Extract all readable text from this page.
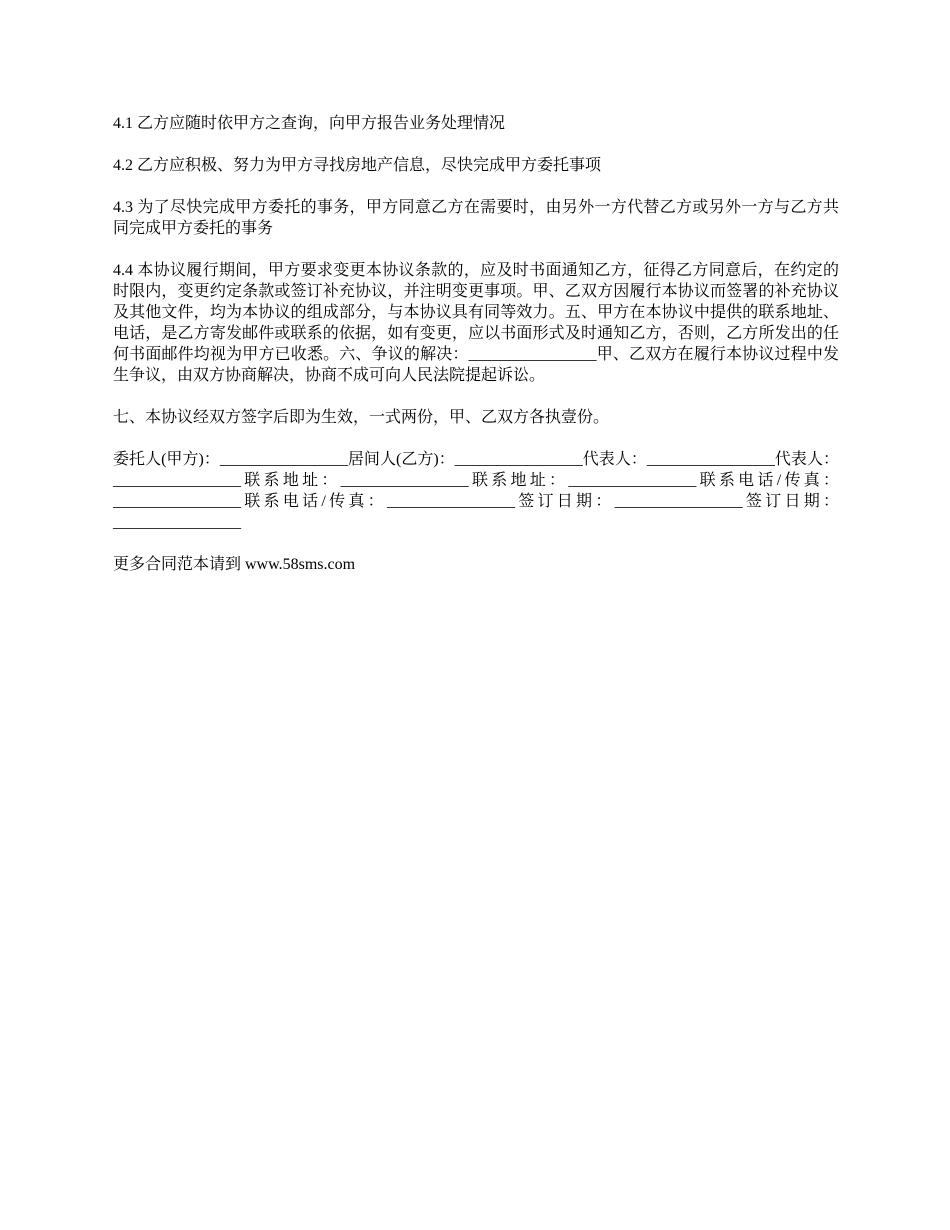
4.1 乙方应随时依甲方之查询，向甲方报告业务处理情况

4.2 乙方应积极、努力为甲方寻找房地产信息，尽快完成甲方委托事项

4.3 为了尽快完成甲方委托的事务，甲方同意乙方在需要时，由另外一方代替乙方或另外一方与乙方共同完成甲方委托的事务

4.4 本协议履行期间，甲方要求变更本协议条款的，应及时书面通知乙方，征得乙方同意后，在约定的时限内，变更约定条款或签订补充协议，并注明变更事项。甲、乙双方因履行本协议而签署的补充协议及其他文件，均为本协议的组成部分，与本协议具有同等效力。五、甲方在本协议中提供的联系地址、电话，是乙方寄发邮件或联系的依据，如有变更，应以书面形式及时通知乙方，否则，乙方所发出的任何书面邮件均视为甲方已收悉。六、争议的解决：________________甲、乙双方在履行本协议过程中发生争议，由双方协商解决，协商不成可向人民法院提起诉讼。

七、本协议经双方签字后即为生效，一式两份，甲、乙双方各执壹份。

委托人(甲方)：________________居间人(乙方)：________________代表人：________________代表人：________________联系地址：________________联系地址：________________联系电话/传真：________________联系电话/传真：________________签订日期：________________签订日期：________________

更多合同范本请到 www.58sms.com
